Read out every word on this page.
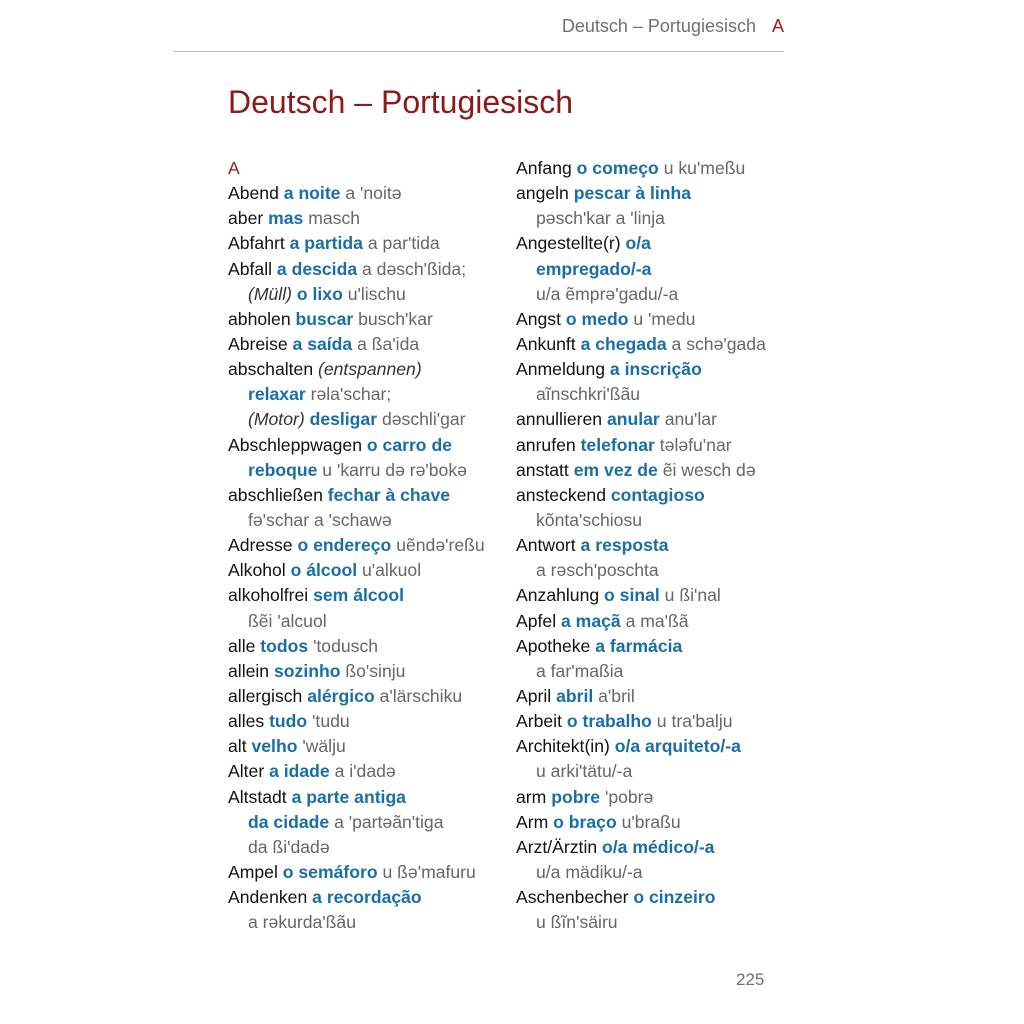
Deutsch – Portugiesisch A
Deutsch – Portugiesisch
A
Abend a noite a 'noitə
aber mas masch
Abfahrt a partida a par'tida
Abfall a descida a dəsch'ßida;
(Müll) o lixo u'lischu
abholen buscar busch'kar
Abreise a saída a ßa'ida
abschalten (entspannen)
relaxar rəla'schar;
(Motor) desligar dəschli'gar
Abschleppwagen o carro de
reboque u 'karru də rə'bokə
abschließen fechar à chave
fə'schar a 'schawə
Adresse o endereço uẽndə'reßu
Alkohol o álcool u'alkuol
alkoholfrei sem álcool
ßẽi 'alcuol
alle todos 'todusch
allein sozinho ßo'sinju
allergisch alérgico a'lärschiku
alles tudo 'tudu
alt velho 'wälju
Alter a idade a i'dadə
Altstadt a parte antiga
da cidade a 'partəãn'tiga
da ßi'dadə
Ampel o semáforo u ßə'mafuru
Andenken a recordação
a rəkurda'ßãu
Anfang o começo u ku'meßu
angeln pescar à linha
pəsch'kar a 'linja
Angestellte(r) o/a
empregado/-a
u/a ẽmprə'gadu/-a
Angst o medo u 'medu
Ankunft a chegada a schə'gada
Anmeldung a inscrição
aĩnschkri'ßãu
annullieren anular anu'lar
anrufen telefonar tələfu'nar
anstatt em vez de ẽi wesch də
ansteckend contagioso
kõnta'schiosu
Antwort a resposta
a rəsch'poschta
Anzahlung o sinal u ßi'nal
Apfel a maçã a ma'ßã
Apotheke a farmácia
a far'maßia
April abril a'bril
Arbeit o trabalho u tra'balju
Architekt(in) o/a arquiteto/-a
u arki'tätu/-a
arm pobre 'pobrə
Arm o braço u'braßu
Arzt/Ärztin o/a médico/-a
u/a mädiku/-a
Aschenbecher o cinzeiro
u ßĩn'säiru
225
